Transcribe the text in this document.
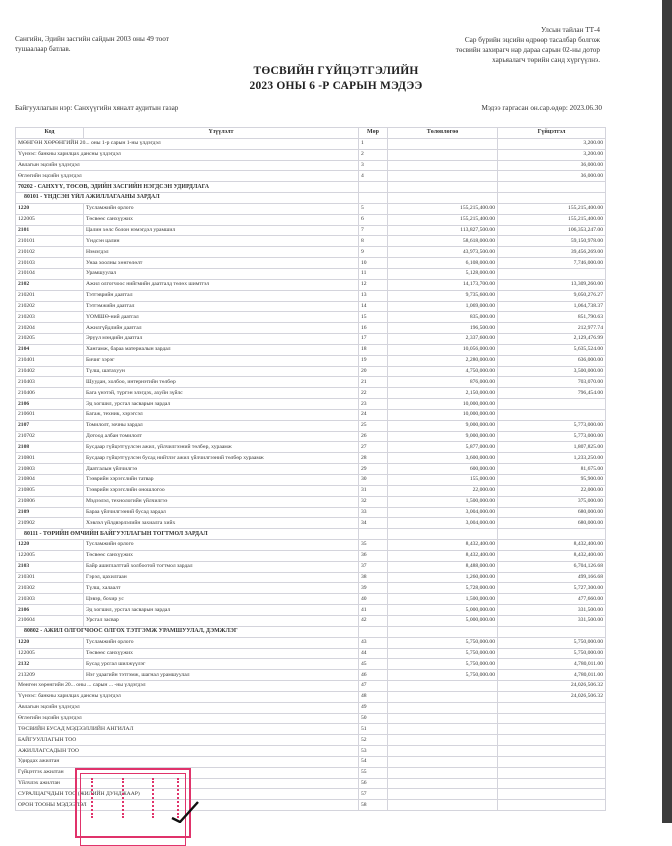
Сангийн, Эдийн засгийн сайдын 2003 оны 49 тоот
тушаалаар батлав.
Улсын тайлан ТТ-4
Сар бүрийн эцсийн өдрөөр тасалбар болгож
төсвийн захирагч нар дараа сарын 02-ны дотор
харьяалагч төрийн санд хүргүүлнэ.
ТӨСВИЙН ГҮЙЦЭТГЭЛИЙН
2023 ОНЫ 6 -Р САРЫН МЭДЭЭ
Байгууллагын нэр: Санхүүгийн хяналт аудитын газар	Мэдээ гаргасан он.сар.өдөр: 2023.06.30
Код	Үзүүлэлт	Мөр	Төлөвлөгөө	Гүйцэтгэл
МӨНГӨН ХӨРӨНГИЙН 20... оны 1-р сарын 1-ны үлдэгдэл		1		3,200.00
Үүнээс: банкны харилцах дансны үлдэгдэл		2		3,200.00
Авлагын эцсийн үлдэгдэл		3		36,000.00
Өглөгийн эцсийн үлдэгдэл		4		36,000.00
70202 - САНХҮҮ, ТӨСӨВ, ЭДИЙН ЗАСГИЙН НЭГДСЭН УДИРДЛАГА				
80101 - ҮНДСЭН ҮЙЛ АЖИЛЛАГААНЫ ЗАРДАЛ				
1220	Тусламжийн орлого	5	155,215,400.00	155,215,400.00
122005	Төсвөөс санхүүжих	6	155,215,400.00	155,215,400.00
2101	Цалин хөлс болон нэмэгдэл урамшил	7	113,827,500.00	106,353,247.00
210101	Үндсэн цалин	8	58,618,000.00	59,150,978.00
210102	Нэмэгдэл	9	43,973,500.00	39,456,269.00
210103	Унаа хоолны хөнгөлөлт	10	6,108,000.00	7,746,000.00
210104	Урамшуулал	11	5,128,000.00	
2102	Ажил олгогчоос нийгмийн даатгалд төлөх шимтгэл	12	14,173,700.00	13,309,260.00
210201	Тэтгэврийн даатгал	13	9,735,600.00	9,050,276.27
210202	Тэтгэмжийн даатгал	14	1,069,000.00	1,064,738.37
210203	ҮОМШӨ-ний даатгал	15	835,000.00	851,790.63
210204	Ажилгүйдлийн даатгал	16	196,500.00	212,977.74
210205	Эрүүл мэндийн даатгал	17	2,337,600.00	2,129,476.99
2104	Хангамж, бараа материалын зардал	18	10,056,000.00	5,635,524.00
210401	Бичиг хэрэг	19	2,280,000.00	636,000.00
210402	Түлш, шатахуун	20	4,750,000.00	3,500,000.00
210403	Шуудан, холбоо, интернэтийн төлбөр	21	876,000.00	703,070.00
210406	Бага үнэтэй, түргэн элэгдэх, ахуйн зүйлс	22	2,150,000.00	796,454.00
2106	Эд хогшил, урсгал засварын зардал	23	10,000,000.00	
210601	Багаж, техник, хэрэгсэл	24	10,000,000.00	
2107	Томилолт, зочны зардал	25	9,000,000.00	5,773,000.00
210702	Дотоод албан томилолт	26	9,000,000.00	5,773,000.00
2108	Бусдаар гүйцэтгүүлсэн ажил, үйлчилгээний төлбөр, хураамж	27	5,877,000.00	1,807,825.00
210801	Бусдаар гүйцэтгүүлсэн бусад нийтлэг ажил үйлчилгээний төлбөр хураамж	28	3,600,000.00	1,233,250.00
210803	Даатгалын үйлчилгээ	29	600,000.00	81,675.00
210804	Тээврийн хэрэгслийн татвар	30	155,000.00	95,900.00
210805	Тээврийн хэрэгслийн оношлогоо	31	22,000.00	22,000.00
210806	Мэдээлэл, технологийн үйлчилгээ	32	1,500,000.00	375,000.00
2109	Бараа үйлчилгээний бусад зардал	33	3,004,000.00	680,000.00
210902	Хэвлэл үйлдвэрлэлийн захиалга хийх	34	3,004,000.00	680,000.00
80111 - ТӨРИЙН ӨМЧИЙН БАЙГУУЛЛАГЫН ТОГТМОЛ ЗАРДАЛ				
1220	Тусламжийн орлого	35	8,432,400.00	8,432,400.00
122005	Төсвөөс санхүүжих	36	8,432,400.00	8,432,400.00
2103	Байр ашиглалттай холбоотой тогтмол зардал	37	8,488,000.00	6,704,126.68
210301	Гэрэл, цахилгаан	38	1,260,000.00	499,166.68
210302	Түлш, халаалт	39	5,728,000.00	5,727,300.00
210303	Цэвэр, бохир ус	40	1,500,000.00	477,660.00
2106	Эд хогшил, урсгал засварын зардал	41	5,000,000.00	331,500.00
210604	Урсгал засвар	42	5,000,000.00	331,500.00
80802 - АЖИЛ ОЛГОГЧООС ОЛГОХ ТЭТГЭМЖ УРАМШУУЛАЛ, ДЭМЖЛЭГ				
1220	Тусламжийн орлого	43	5,750,000.00	5,750,000.00
122005	Төсвөөс санхүүжих	44	5,750,000.00	5,750,000.00
2132	Бусад урсгал шилжүүлэг	45	5,750,000.00	4,780,011.00
213209	Нэг удаагийн тэтгэмж, шагнал урамшуулал	46	5,750,000.00	4,780,011.00
Мөнгөн хөрөнгийн 20... оны ... сарын ... -ны үлдэгдэл		47		24,026,506.32
Үүнээс: банкны харилцах дансны үлдэгдэл		48		24,026,506.32
Авлагын эцсийн үлдэгдэл		49		
Өглөгийн эцсийн үлдэгдэл		50		
ТӨСВИЙН БУСАД МЭДЭЭЛЛИЙН АНГИЛАЛ		51		
БАЙГУУЛЛАГЫН ТОО		52		
АЖИЛЛАГСАДЫН ТОО		53		
Удирдах ажилтан		54		
Гүйцэтгэх ажилтан		55		
Үйлчлэх ажилтан		56		
СУРАЛЦАГЧДЫН ТОО (ЖИЛИЙН ДУНДЖААР)		57		
ОРОН ТООНЫ МЭДЭЭЛЭЛ		58		
